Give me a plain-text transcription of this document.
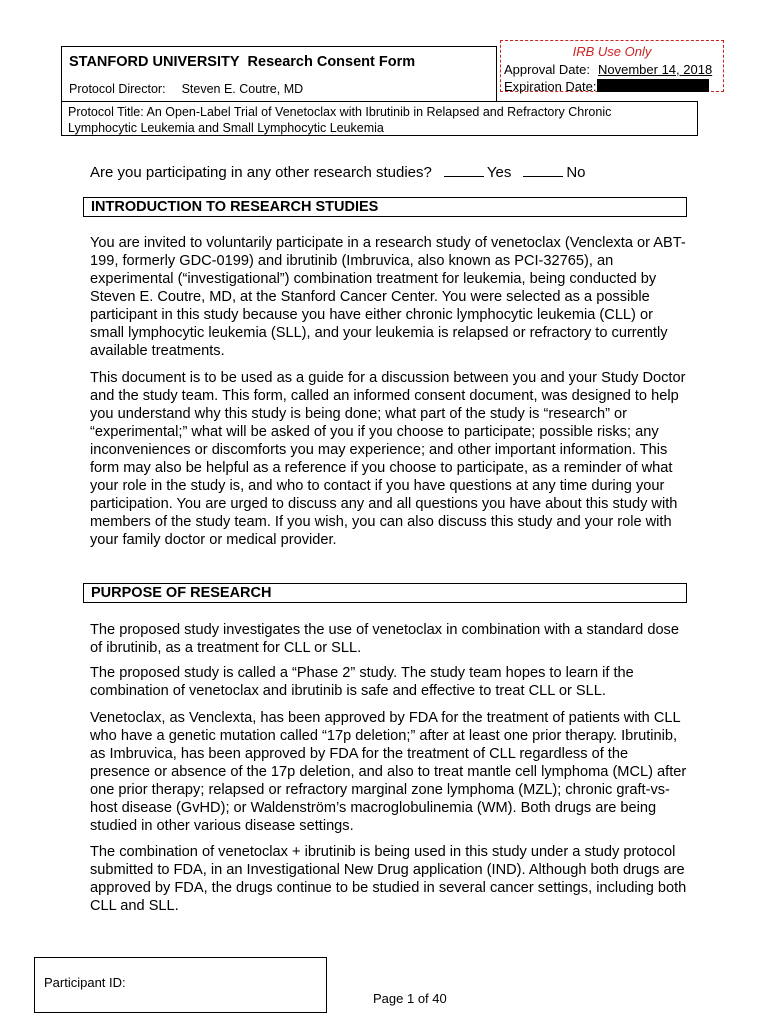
IRB Use Only
Approval Date: November 14, 2018
Expiration Date:
STANFORD UNIVERSITY Research Consent Form
Protocol Director: Steven E. Coutre, MD
Protocol Title: An Open-Label Trial of Venetoclax with Ibrutinib in Relapsed and Refractory Chronic Lymphocytic Leukemia and Small Lymphocytic Leukemia
Are you participating in any other research studies?	Yes	No
INTRODUCTION TO RESEARCH STUDIES

You are invited to voluntarily participate in a research study of venetoclax (Venclexta or ABT-199, formerly GDC-0199) and ibrutinib (Imbruvica, also known as PCI-32765), an experimental (“investigational”) combination treatment for leukemia, being conducted by Steven E. Coutre, MD, at the Stanford Cancer Center. You were selected as a possible participant in this study because you have either chronic lymphocytic leukemia (CLL) or small lymphocytic leukemia (SLL), and your leukemia is relapsed or refractory to currently available treatments.

This document is to be used as a guide for a discussion between you and your Study Doctor and the study team. This form, called an informed consent document, was designed to help you understand why this study is being done; what part of the study is “research” or “experimental;” what will be asked of you if you choose to participate; possible risks; any inconveniences or discomforts you may experience; and other important information. This form may also be helpful as a reference if you choose to participate, as a reminder of what your role in the study is, and who to contact if you have questions at any time during your participation. You are urged to discuss any and all questions you have about this study with members of the study team. If you wish, you can also discuss this study and your role with your family doctor or medical provider.

PURPOSE OF RESEARCH

The proposed study investigates the use of venetoclax in combination with a standard dose of ibrutinib, as a treatment for CLL or SLL.

The proposed study is called a “Phase 2” study. The study team hopes to learn if the combination of venetoclax and ibrutinib is safe and effective to treat CLL or SLL.

Venetoclax, as Venclexta, has been approved by FDA for the treatment of patients with CLL who have a genetic mutation called “17p deletion;” after at least one prior therapy. Ibrutinib, as Imbruvica, has been approved by FDA for the treatment of CLL regardless of the presence or absence of the 17p deletion, and also to treat mantle cell lymphoma (MCL) after one prior therapy; relapsed or refractory marginal zone lymphoma (MZL); chronic graft-vs-host disease (GvHD); or Waldenström’s macroglobulinemia (WM). Both drugs are being studied in other various disease settings.

The combination of venetoclax + ibrutinib is being used in this study under a study protocol submitted to FDA, in an Investigational New Drug application (IND). Although both drugs are approved by FDA, the drugs continue to be studied in several cancer settings, including both CLL and SLL.

Participant ID:
Page 1 of 40
